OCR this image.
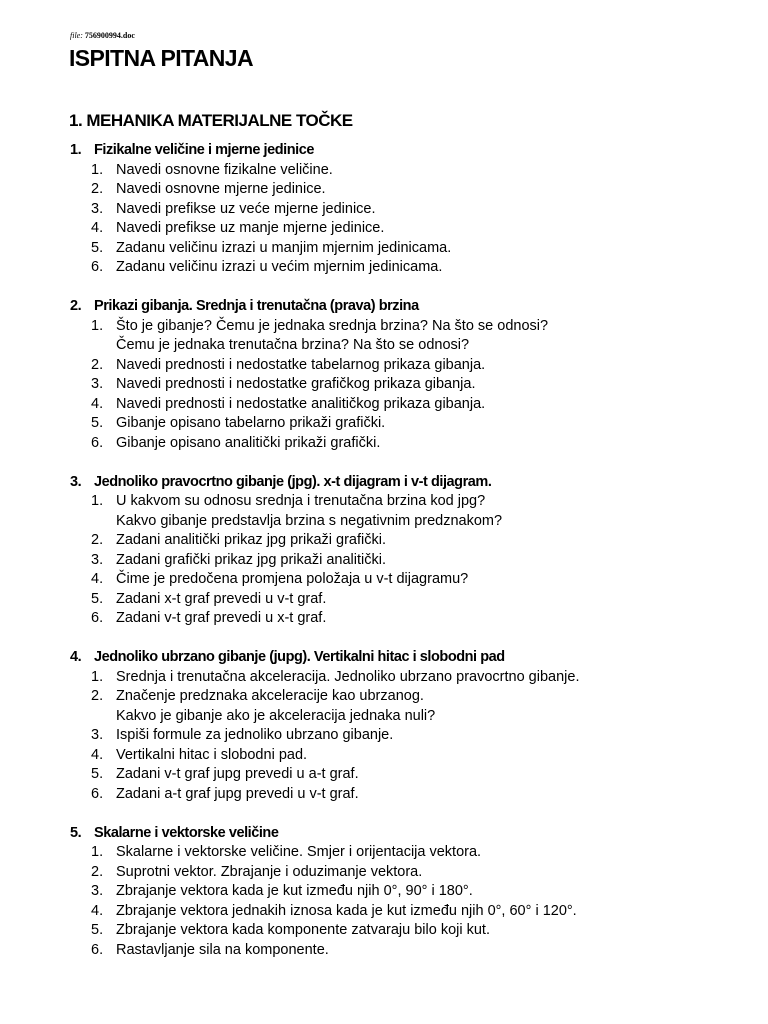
file: 756900994.doc
ISPITNA PITANJA
1. MEHANIKA MATERIJALNE TOČKE
1. Fizikalne veličine i mjerne jedinice
1. Navedi osnovne fizikalne veličine.
2. Navedi osnovne mjerne jedinice.
3. Navedi prefikse uz veće mjerne jedinice.
4. Navedi prefikse uz manje mjerne jedinice.
5. Zadanu veličinu izrazi u manjim mjernim jedinicama.
6. Zadanu veličinu izrazi u većim mjernim jedinicama.
2. Prikazi gibanja. Srednja i trenutačna (prava) brzina
1. Što je gibanje? Čemu je jednaka srednja brzina? Na što se odnosi?
Čemu je jednaka trenutačna brzina? Na što se odnosi?
2. Navedi prednosti i nedostatke tabelarnog prikaza gibanja.
3. Navedi prednosti i nedostatke grafičkog prikaza gibanja.
4. Navedi prednosti i nedostatke analitičkog prikaza gibanja.
5. Gibanje opisano tabelarno prikaži grafički.
6. Gibanje opisano analitički prikaži grafički.
3. Jednoliko pravocrtno gibanje (jpg). x-t dijagram i v-t dijagram.
1. U kakvom su odnosu srednja i trenutačna brzina kod jpg?
Kakvo gibanje predstavlja brzina s negativnim predznakom?
2. Zadani analitički prikaz jpg prikaži grafički.
3. Zadani grafički prikaz jpg prikaži analitički.
4. Čime je predočena promjena položaja u v-t dijagramu?
5. Zadani x-t graf prevedi u v-t graf.
6. Zadani v-t graf prevedi u x-t graf.
4. Jednoliko ubrzano gibanje (jupg). Vertikalni hitac i slobodni pad
1. Srednja i trenutačna akceleracija. Jednoliko ubrzano pravocrtno gibanje.
2. Značenje predznaka akceleracije kao ubrzanog.
Kakvo je gibanje ako je akceleracija jednaka nuli?
3. Ispiši formule za jednoliko ubrzano gibanje.
4. Vertikalni hitac i slobodni pad.
5. Zadani v-t graf jupg prevedi u a-t graf.
6. Zadani a-t graf jupg prevedi u v-t graf.
5. Skalarne i vektorske veličine
1. Skalarne i vektorske veličine. Smjer i orijentacija vektora.
2. Suprotni vektor. Zbrajanje i oduzimanje vektora.
3. Zbrajanje vektora kada je kut između njih 0°, 90° i 180°.
4. Zbrajanje vektora jednakih iznosa kada je kut između njih 0°, 60° i 120°.
5. Zbrajanje vektora kada komponente zatvaraju bilo koji kut.
6. Rastavljanje sila na komponente.
